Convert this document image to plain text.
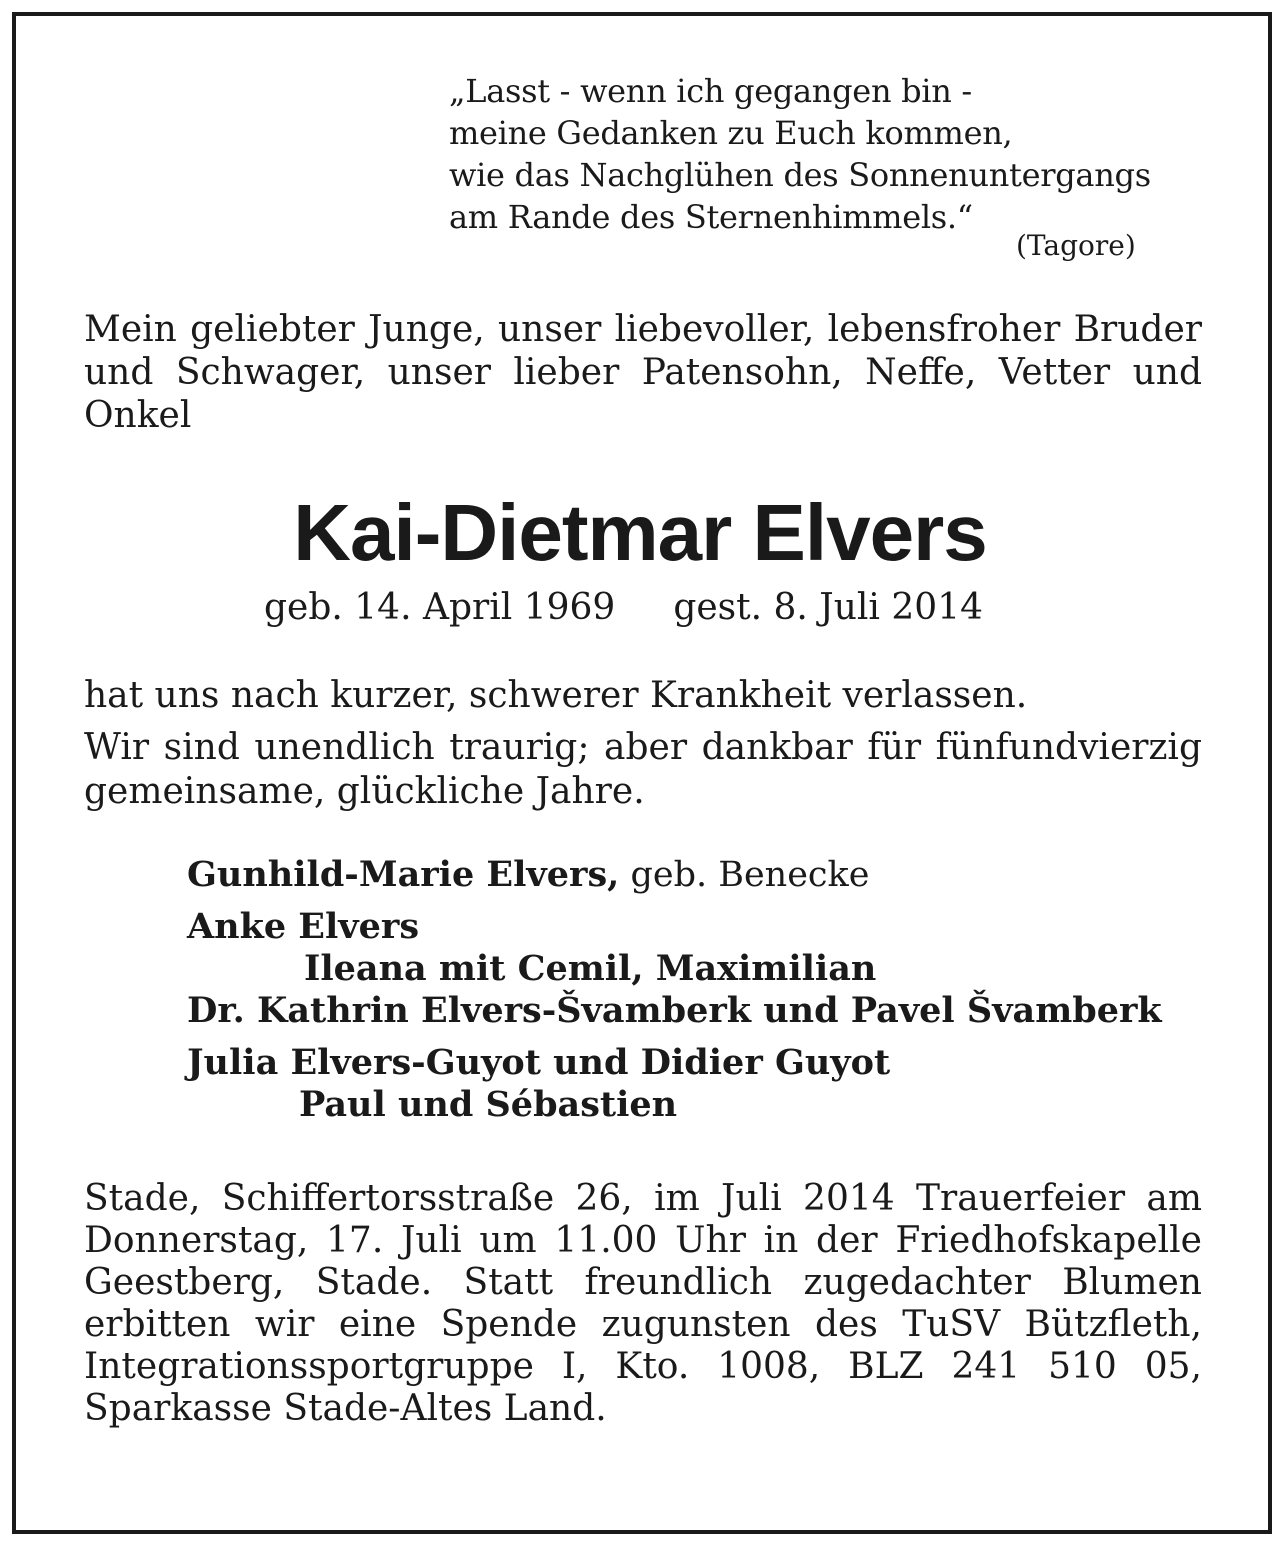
„Lasst - wenn ich gegangen bin -
meine Gedanken zu Euch kommen,
wie das Nachglühen des Sonnenuntergangs
am Rande des Sternenhimmels.“
(Tagore)
Mein geliebter Junge, unser liebevoller, lebensfroher Bruder und Schwager, unser lieber Patensohn, Neffe, Vetter und Onkel
Kai-Dietmar Elvers
geb. 14. April 1969 gest. 8. Juli 2014
hat uns nach kurzer, schwerer Krankheit verlassen.
Wir sind unendlich traurig; aber dankbar für fünfundvierzig gemeinsame, glückliche Jahre.
Gunhild-Marie Elvers, geb. Benecke
Anke Elvers
Ileana mit Cemil, Maximilian
Dr. Kathrin Elvers-Švamberk und Pavel Švamberk
Julia Elvers-Guyot und Didier Guyot
Paul und Sébastien
Stade, Schiffertorsstraße 26, im Juli 2014 Trauerfeier am Donnerstag, 17. Juli um 11.00 Uhr in der Friedhofskapelle Geestberg, Stade. Statt freundlich zugedachter Blumen erbitten wir eine Spende zugunsten des TuSV Bützfleth, Integrationssportgruppe I, Kto. 1008, BLZ 241 510 05, Sparkasse Stade-Altes Land.
